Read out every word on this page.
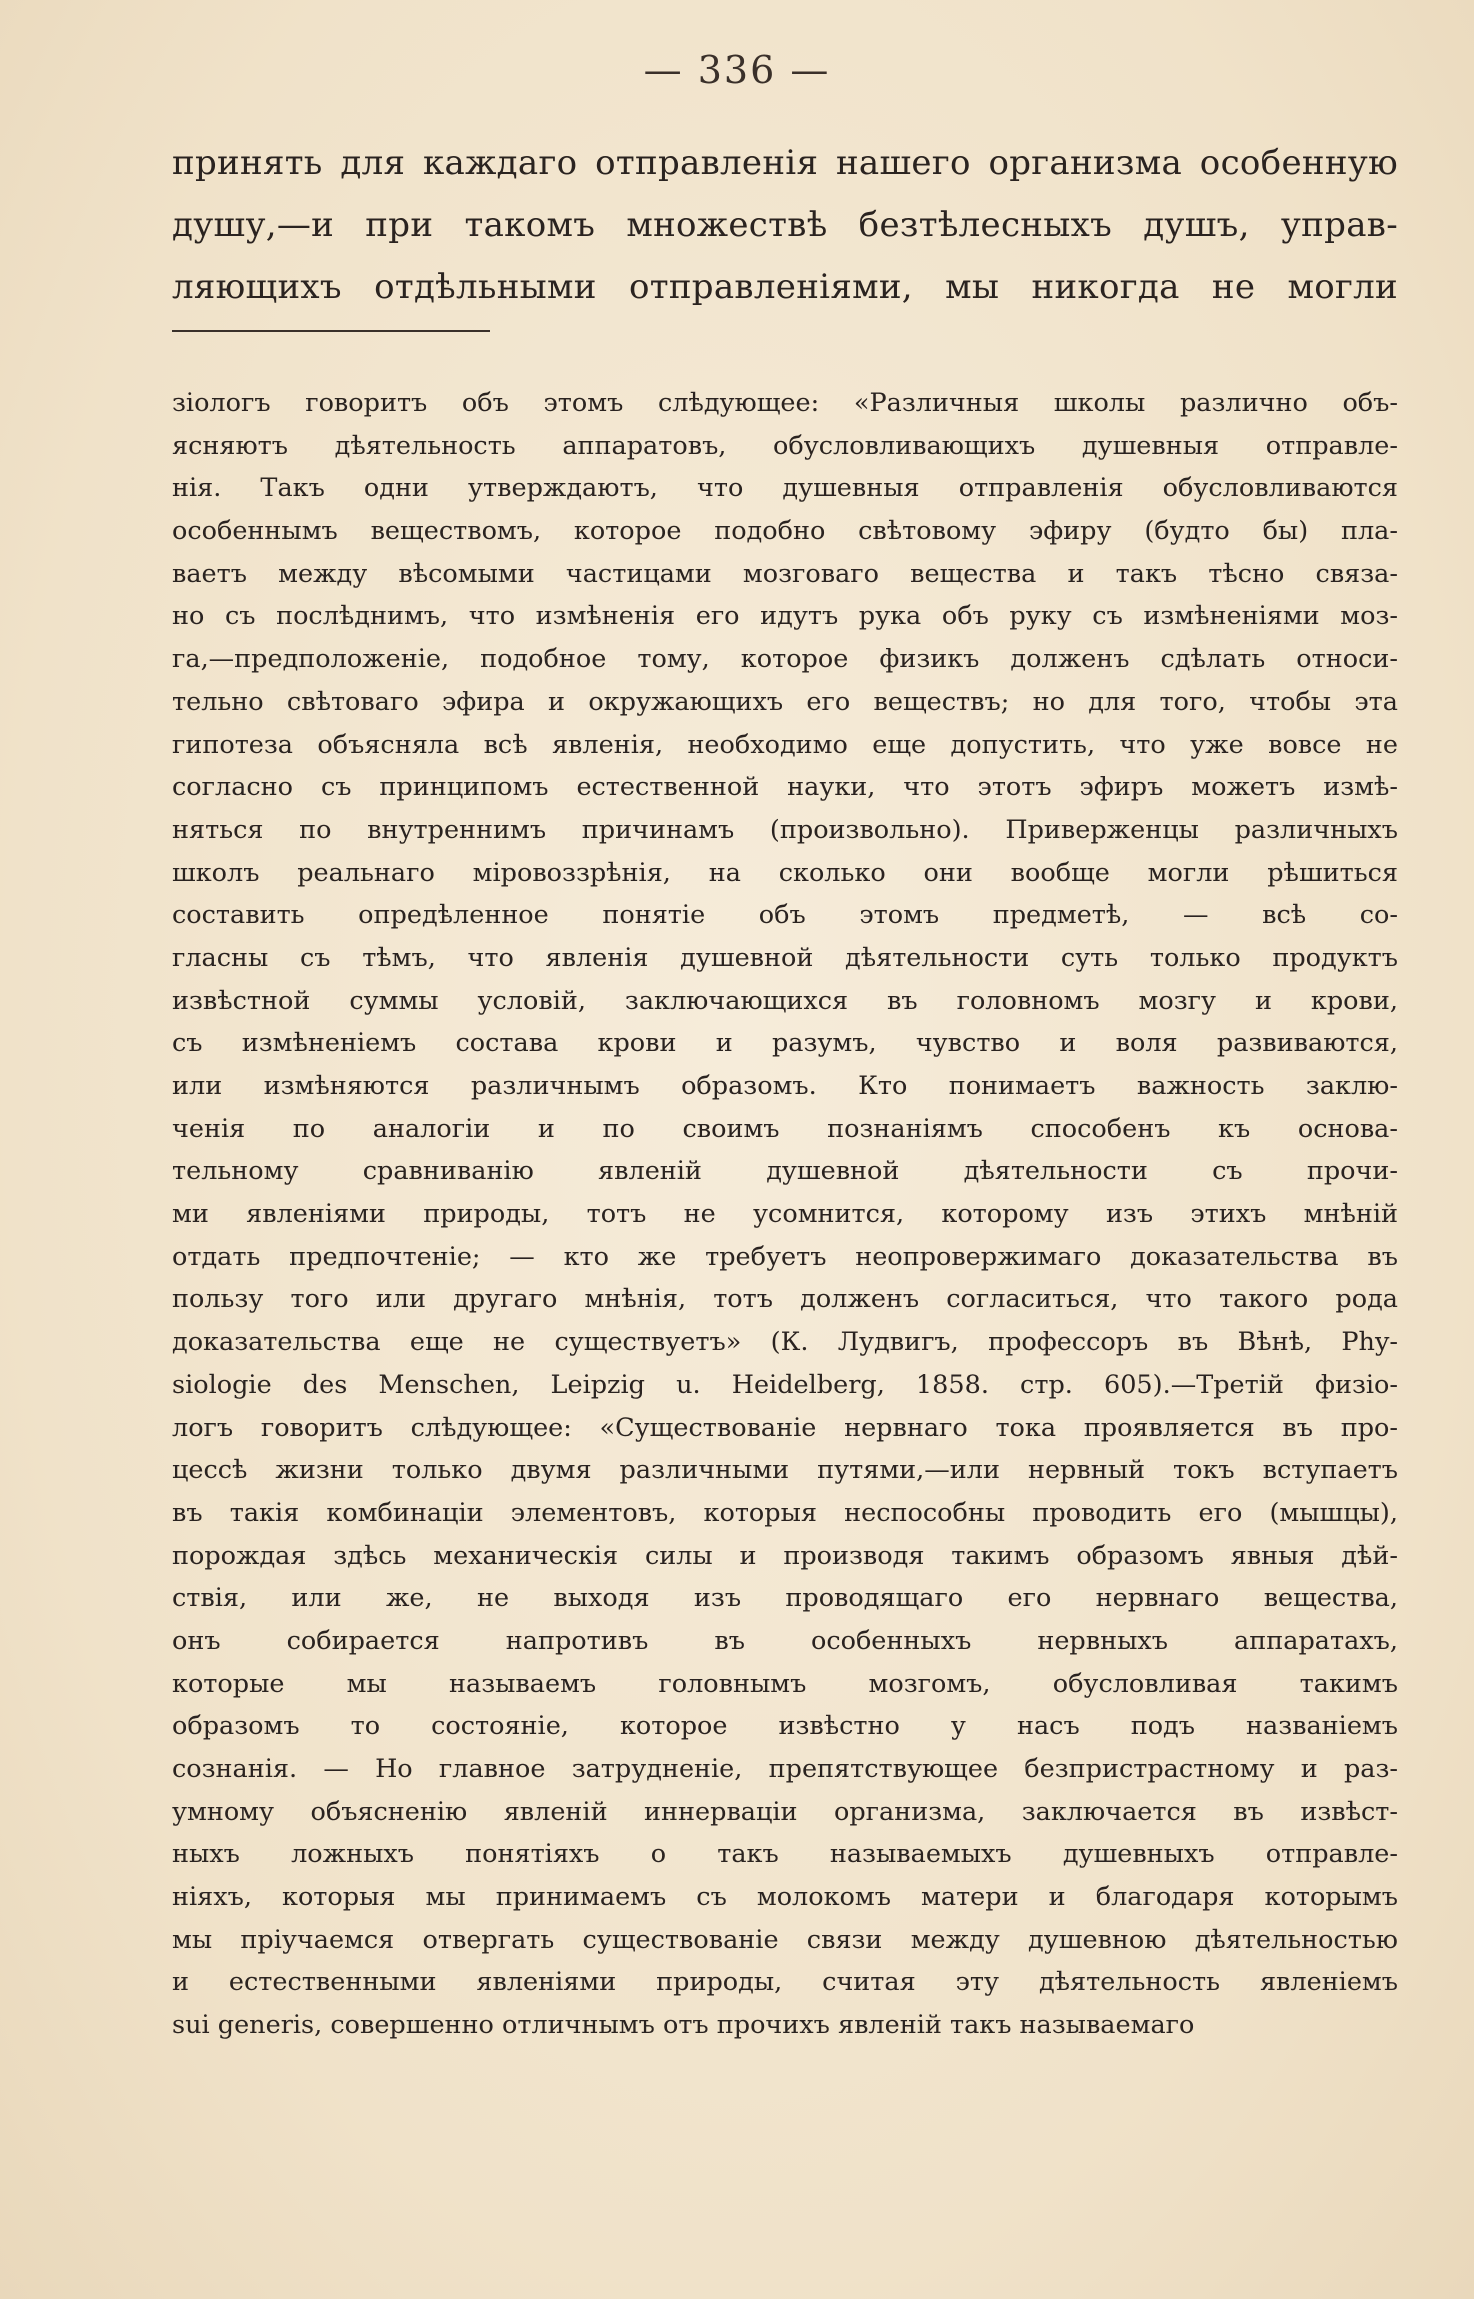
— 336 —
принять для каждаго отправленія нашего организма особенную
душу,—и при такомъ множествѣ безтѣлесныхъ душъ, управ-
ляющихъ отдѣльными отправленіями, мы никогда не могли
зіологъ говоритъ объ этомъ слѣдующее: «Различныя школы различно объ-
ясняютъ дѣятельность аппаратовъ, обусловливающихъ душевныя отправле-
нія. Такъ одни утверждаютъ, что душевныя отправленія обусловливаются
особеннымъ веществомъ, которое подобно свѣтовому эфиру (будто бы) пла-
ваетъ между вѣсомыми частицами мозговаго вещества и такъ тѣсно связа-
но съ послѣднимъ, что измѣненія его идутъ рука объ руку съ измѣненіями моз-
га,—предположеніе, подобное тому, которое физикъ долженъ сдѣлать относи-
тельно свѣтоваго эфира и окружающихъ его веществъ; но для того, чтобы эта
гипотеза объясняла всѣ явленія, необходимо еще допустить, что уже вовсе не
согласно съ принципомъ естественной науки, что этотъ эфиръ можетъ измѣ-
няться по внутреннимъ причинамъ (произвольно). Приверженцы различныхъ
школъ реальнаго міровоззрѣнія, на сколько они вообще могли рѣшиться
составить опредѣленное понятіе объ этомъ предметѣ, — всѣ со-
гласны съ тѣмъ, что явленія душевной дѣятельности суть только продуктъ
извѣстной суммы условій, заключающихся въ головномъ мозгу и крови,
съ измѣненіемъ состава крови и разумъ, чувство и воля развиваются,
или измѣняются различнымъ образомъ. Кто понимаетъ важность заклю-
ченія по аналогіи и по своимъ познаніямъ способенъ къ основа-
тельному сравниванію явленій душевной дѣятельности съ прочи-
ми явленіями природы, тотъ не усомнится, которому изъ этихъ мнѣній
отдать предпочтеніе; — кто же требуетъ неопровержимаго доказательства въ
пользу того или другаго мнѣнія, тотъ долженъ согласиться, что такого рода
доказательства еще не существуетъ» (К. Лудвигъ, профессоръ въ Вѣнѣ, Phy-
siologie des Menschen, Leipzig u. Heidelberg, 1858. стр. 605).—Третій физіо-
логъ говоритъ слѣдующее: «Существованіе нервнаго тока проявляется въ про-
цессѣ жизни только двумя различными путями,—или нервный токъ вступаетъ
въ такія комбинаціи элементовъ, которыя неспособны проводить его (мышцы),
порождая здѣсь механическія силы и производя такимъ образомъ явныя дѣй-
ствія, или же, не выходя изъ проводящаго его нервнаго вещества,
онъ собирается напротивъ въ особенныхъ нервныхъ аппаратахъ,
которые мы называемъ головнымъ мозгомъ, обусловливая такимъ
образомъ то состояніе, которое извѣстно у насъ подъ названіемъ
сознанія. — Но главное затрудненіе, препятствующее безпристрастному и раз-
умному объясненію явленій иннерваціи организма, заключается въ извѣст-
ныхъ ложныхъ понятіяхъ о такъ называемыхъ душевныхъ отправле-
ніяхъ, которыя мы принимаемъ съ молокомъ матери и благодаря которымъ
мы пріучаемся отвергать существованіе связи между душевною дѣятельностью
и естественными явленіями природы, считая эту дѣятельность явленіемъ
sui generis, совершенно отличнымъ отъ прочихъ явленій такъ называемаго
